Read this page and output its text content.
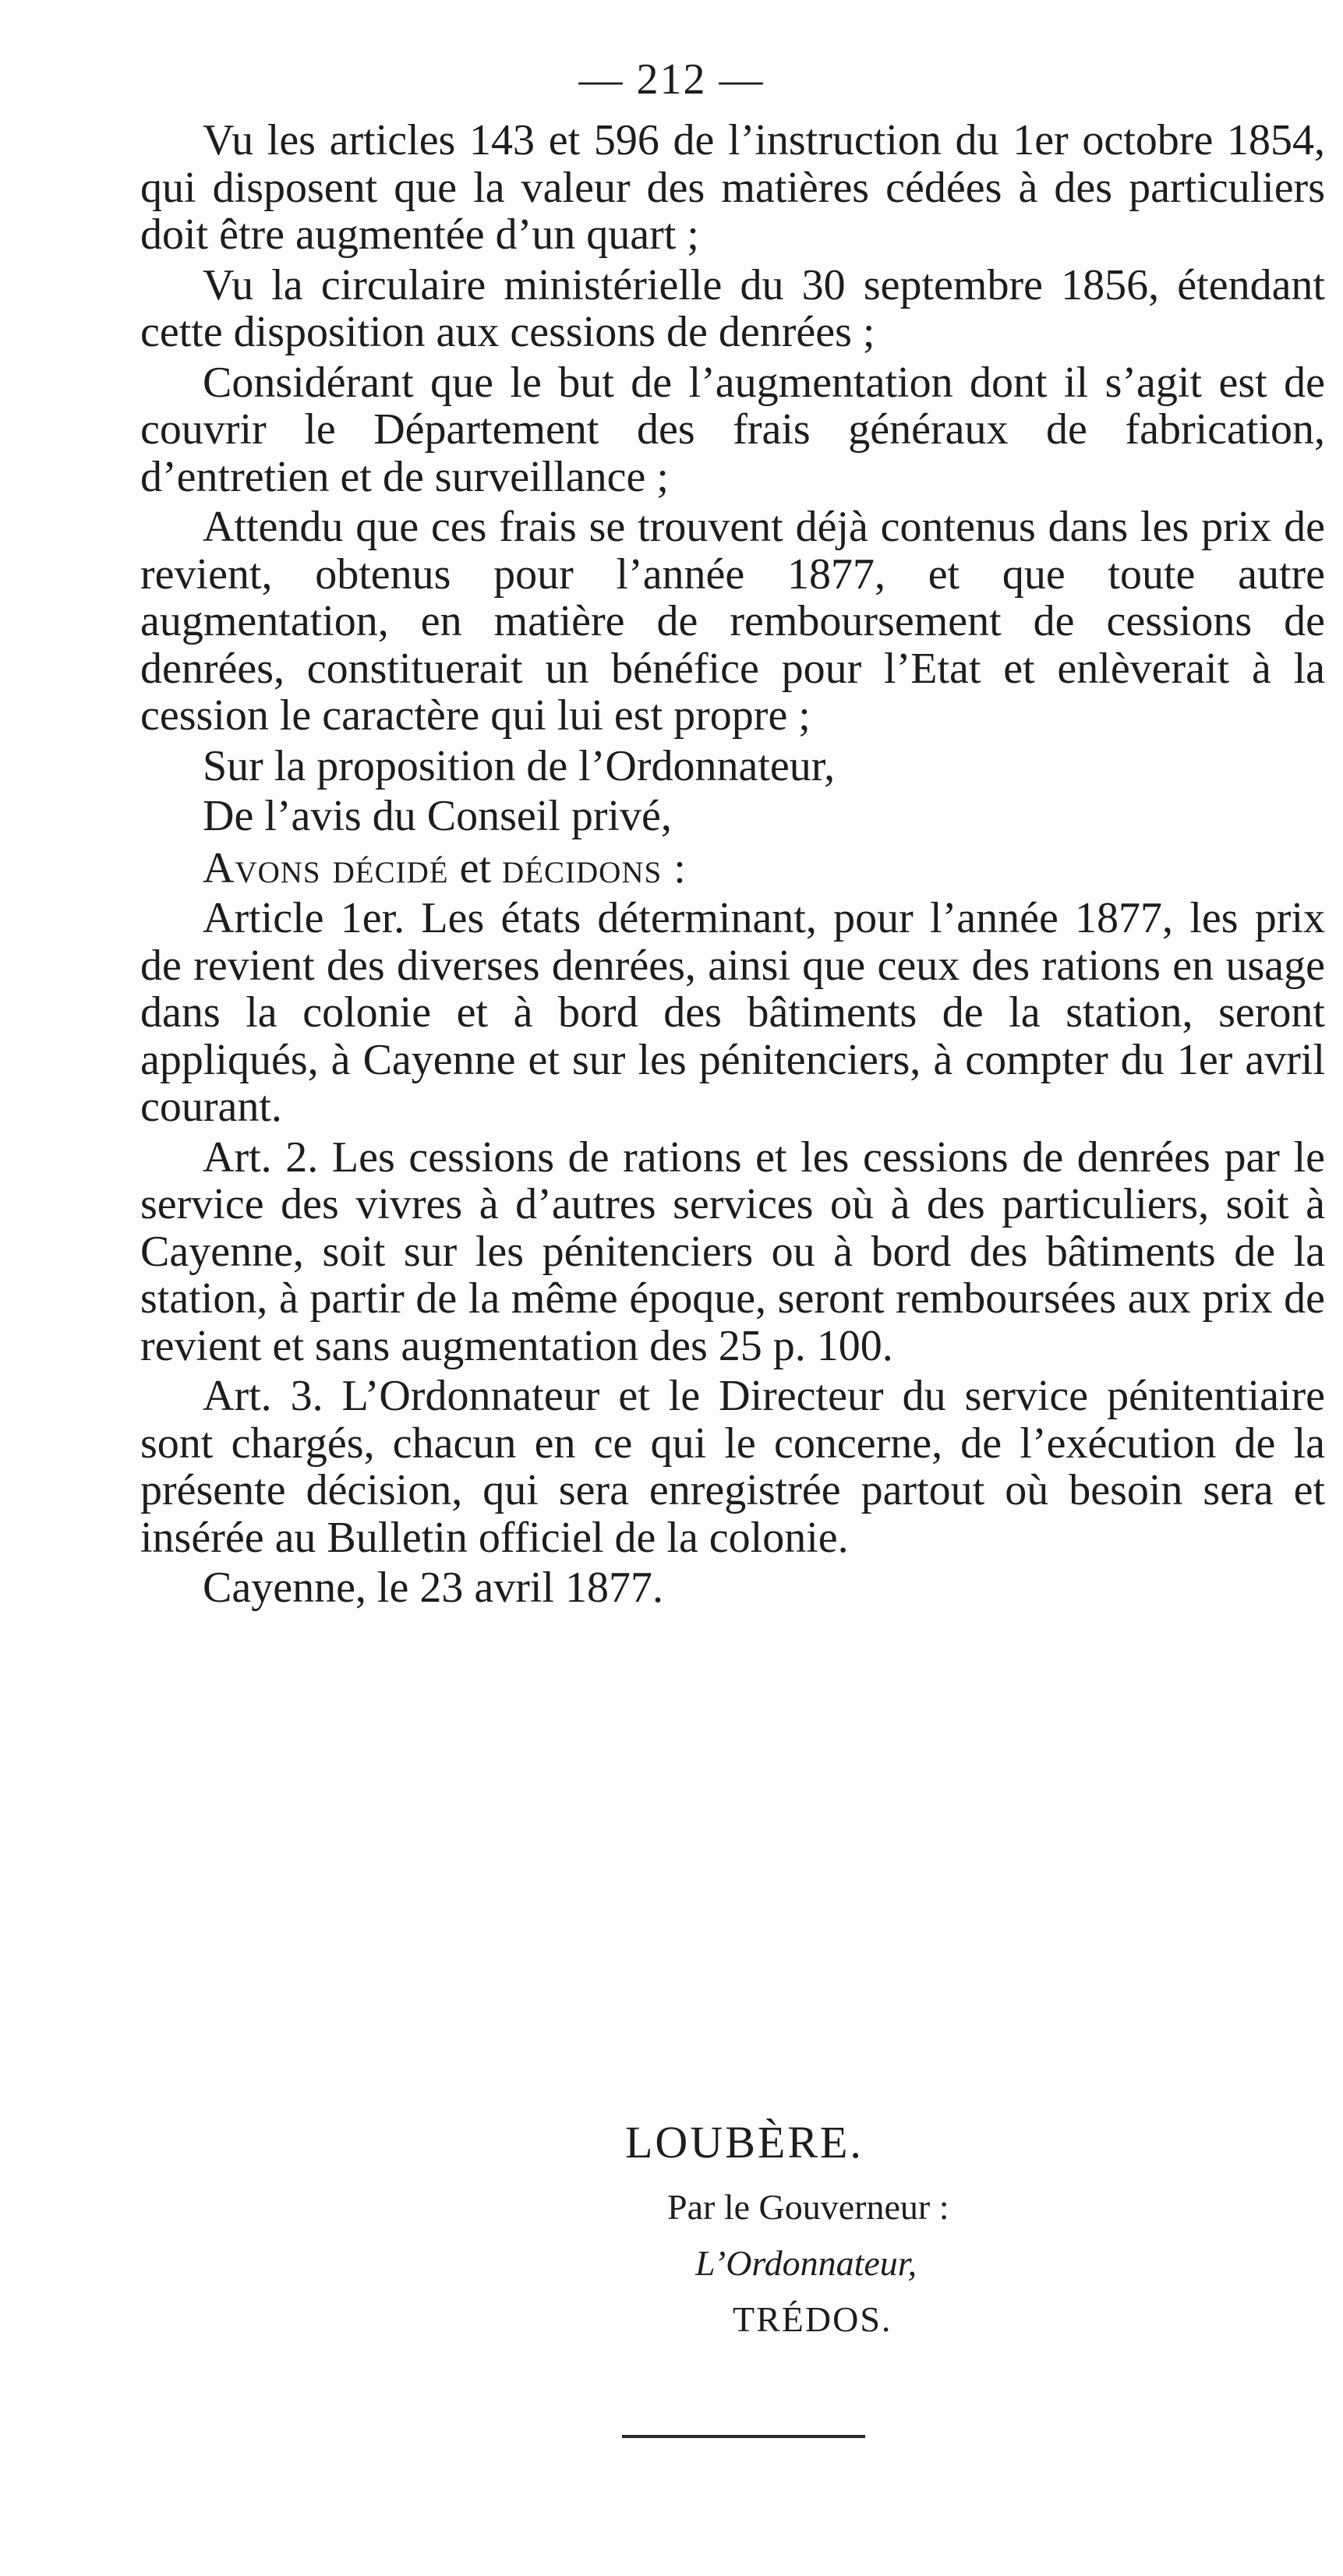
— 212 —

Vu les articles 143 et 596 de l’instruction du 1er octobre 1854, qui disposent que la valeur des matières cédées à des particuliers doit être augmentée d’un quart ;

Vu la circulaire ministérielle du 30 septembre 1856, étendant cette disposition aux cessions de denrées ;

Considérant que le but de l’augmentation dont il s’agit est de couvrir le Département des frais généraux de fabrication, d’entretien et de surveillance ;

Attendu que ces frais se trouvent déjà contenus dans les prix de revient, obtenus pour l’année 1877, et que toute autre augmentation, en matière de remboursement de cessions de denrées, constituerait un bénéfice pour l’Etat et enlèverait à la cession le caractère qui lui est propre ;

Sur la proposition de l’Ordonnateur,

De l’avis du Conseil privé,

Avons décidé et décidons :

Article 1er. Les états déterminant, pour l’année 1877, les prix de revient des diverses denrées, ainsi que ceux des rations en usage dans la colonie et à bord des bâtiments de la station, seront appliqués, à Cayenne et sur les pénitenciers, à compter du 1er avril courant.

Art. 2. Les cessions de rations et les cessions de denrées par le service des vivres à d’autres services où à des particuliers, soit à Cayenne, soit sur les pénitenciers ou à bord des bâtiments de la station, à partir de la même époque, seront remboursées aux prix de revient et sans augmentation des 25 p. 100.

Art. 3. L’Ordonnateur et le Directeur du service pénitentiaire sont chargés, chacun en ce qui le concerne, de l’exécution de la présente décision, qui sera enregistrée partout où besoin sera et insérée au Bulletin officiel de la colonie.

Cayenne, le 23 avril 1877.

LOUBÈRE.
Par le Gouverneur :
L’Ordonnateur,
TRÉDOS.
